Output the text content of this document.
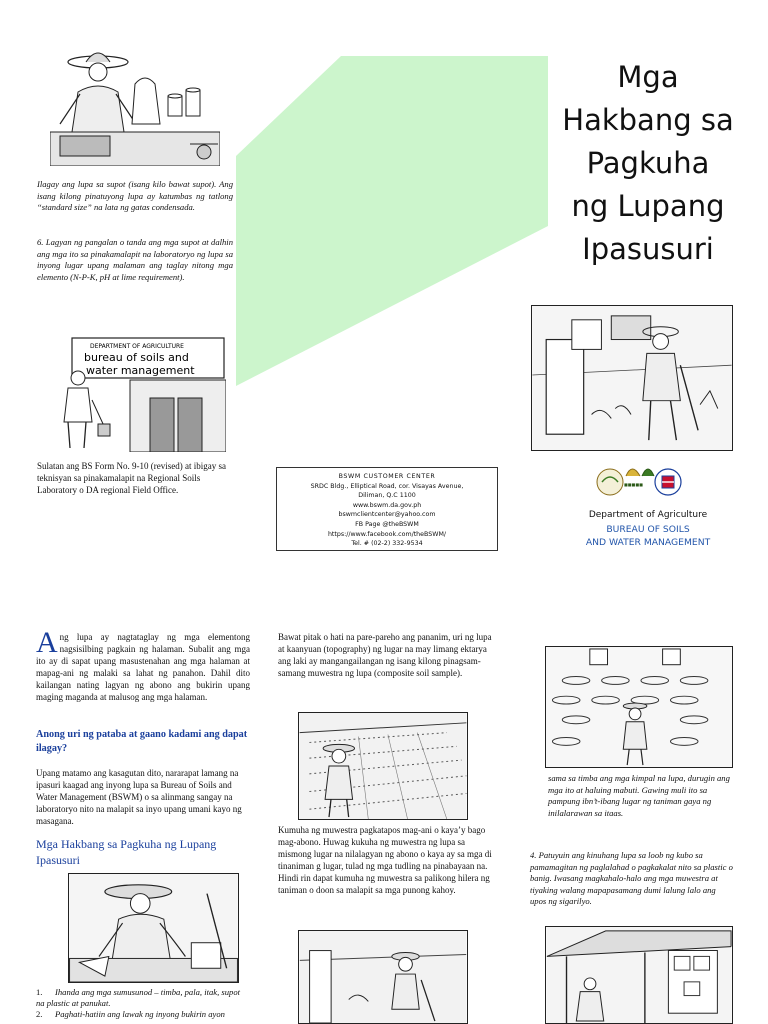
Mga
Hakbang sa
Pagkuha
ng Lupang
Ipasusuri
Ilagay ang lupa sa supot (isang kilo bawat supot). Ang isang kilong pinatuyong lupa ay katumbas ng tatlong “standard size” na lata ng gatas condensada.
6. Lagyan ng pangalan o tanda ang mga supot at dalhin ang mga ito sa pinakamalapit na laboratoryo ng lupa sa inyong lugar upang malaman ang taglay nitong mga elemento (N-P-K, pH at lime requirement).
DEPARTMENT OF AGRICULTURE
bureau of soils and
water management
Sulatan ang BS Form No. 9-10 (revised) at ibigay sa teknisyan sa pinakamalapit na Regional Soils Laboratory o DA regional Field Office.
BSWM CUSTOMER CENTER
SRDC Bldg., Elliptical Road, cor. Visayas Avenue,
Diliman, Q.C 1100
www.bswm.da.gov.ph
bswmclientcenter@yahoo.com
FB Page @theBSWM
https://www.facebook.com/theBSWM/
Tel. # (02-2) 332-9534
■■■■■
Department of Agriculture
BUREAU OF SOILS
AND WATER MANAGEMENT
Ang lupa ay nagtataglay ng mga elementong nagsisilbing pagkain ng halaman. Subalit ang mga ito ay di sapat upang masustenahan ang mga halaman at mapag-ani ng malaki sa lahat ng panahon. Dahil dito kailangan nating lagyan ng abono ang bukirin upang maging maganda at malusog ang mga halaman.
Anong uri ng pataba at gaano kadami ang dapat ilagay?
Upang matamo ang kasagutan dito, nararapat lamang na ipasuri kaagad ang inyong lupa sa Bureau of Soils and Water Management (BSWM) o sa alinmang sangay na laboratoryo nito na malapit sa inyo upang umani kayo ng masagana.
Mga Hakbang sa Pagkuha ng Lupang Ipasusuri
1. Ihanda ang mga sumusunod – timba, pala, itak, supot na plastic at panukat.
2. Paghati-hatiin ang lawak ng inyong bukirin ayon
Bawat pitak o hati na pare-pareho ang pananim, uri ng lupa at kaanyuan (topography) ng lugar na may limang ektarya ang laki ay mangangailangan ng isang kilong pinagsam-samang muwestra ng lupa (composite soil sample).
Kumuha ng muwestra pagkatapos mag-ani o kaya’y bago mag-abono. Huwag kukuha ng muwestra ng lupa sa mismong lugar na nilalagyan ng abono o kaya ay sa mga di tinaniman g lugar, tulad ng mga tudling na pinabayaan na. Hindi rin dapat kumuha ng muwestra sa palikong hilera ng taniman o doon sa malapit sa mga punong kahoy.
sama sa timba ang mga kimpal na lupa, durugin ang mga ito at haluing mabuti. Gawing muli ito sa pampung ibn’t-ibang lugar ng taniman gaya ng inilalarawan sa itaas.
4. Patuyuin ang kinuhang lupa sa loob ng kubo sa pamamagitan ng paglalahad o pagkakalat nito sa plastic o banig. Iwasang magkahalo-halo ang mga muwestra at tiyaking walang mapapasamang dumi lalung lalo ang upos ng sigarilyo.
